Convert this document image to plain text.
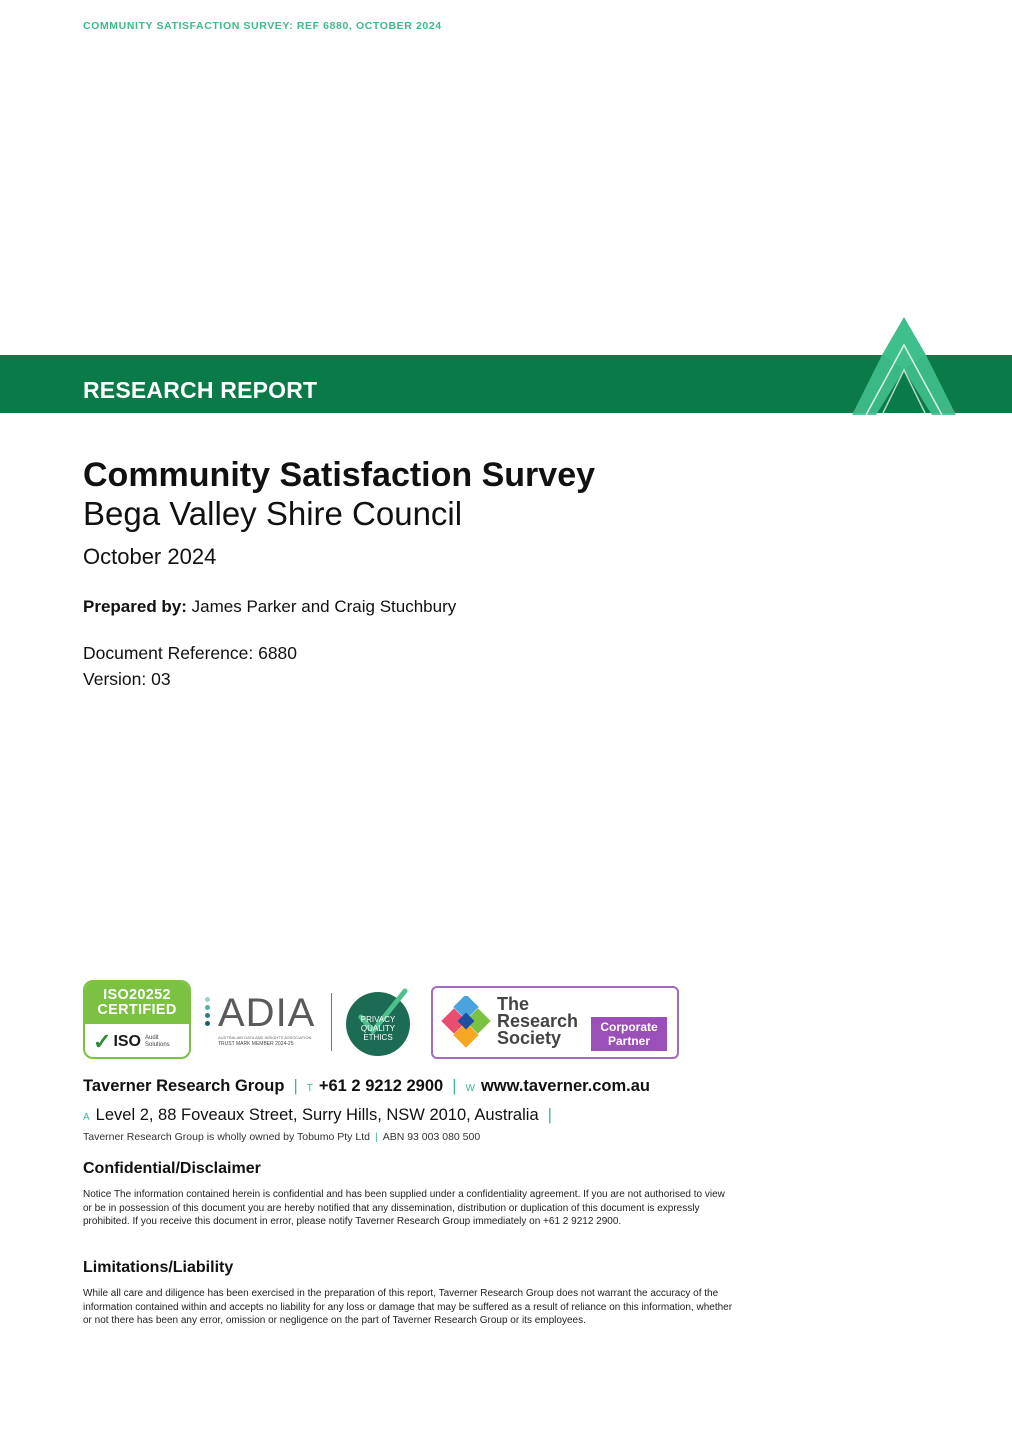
COMMUNITY SATISFACTION SURVEY: REF 6880, OCTOBER 2024
RESEARCH REPORT
Community Satisfaction Survey
Bega Valley Shire Council
October 2024
Prepared by: James Parker and Craig Stuchbury
Document Reference: 6880
Version: 03
ISO20252
CERTIFIED
✓ ISO Audit Solutions
ADIA
AUSTRALIAN DATA AND INSIGHTS ASSOCIATION
TRUST MARK MEMBER 2024-25
PRIVACY
QUALITY
ETHICS
The
Research
Society
Corporate
Partner
Taverner Research Group | T +61 2 9212 2900 | W www.taverner.com.au
A Level 2, 88 Foveaux Street, Surry Hills, NSW 2010, Australia |
Taverner Research Group is wholly owned by Tobumo Pty Ltd | ABN 93 003 080 500
Confidential/Disclaimer
Notice The information contained herein is confidential and has been supplied under a confidentiality agreement. If you are not authorised to view or be in possession of this document you are hereby notified that any dissemination, distribution or duplication of this document is expressly prohibited. If you receive this document in error, please notify Taverner Research Group immediately on +61 2 9212 2900.
Limitations/Liability
While all care and diligence has been exercised in the preparation of this report, Taverner Research Group does not warrant the accuracy of the information contained within and accepts no liability for any loss or damage that may be suffered as a result of reliance on this information, whether or not there has been any error, omission or negligence on the part of Taverner Research Group or its employees.
